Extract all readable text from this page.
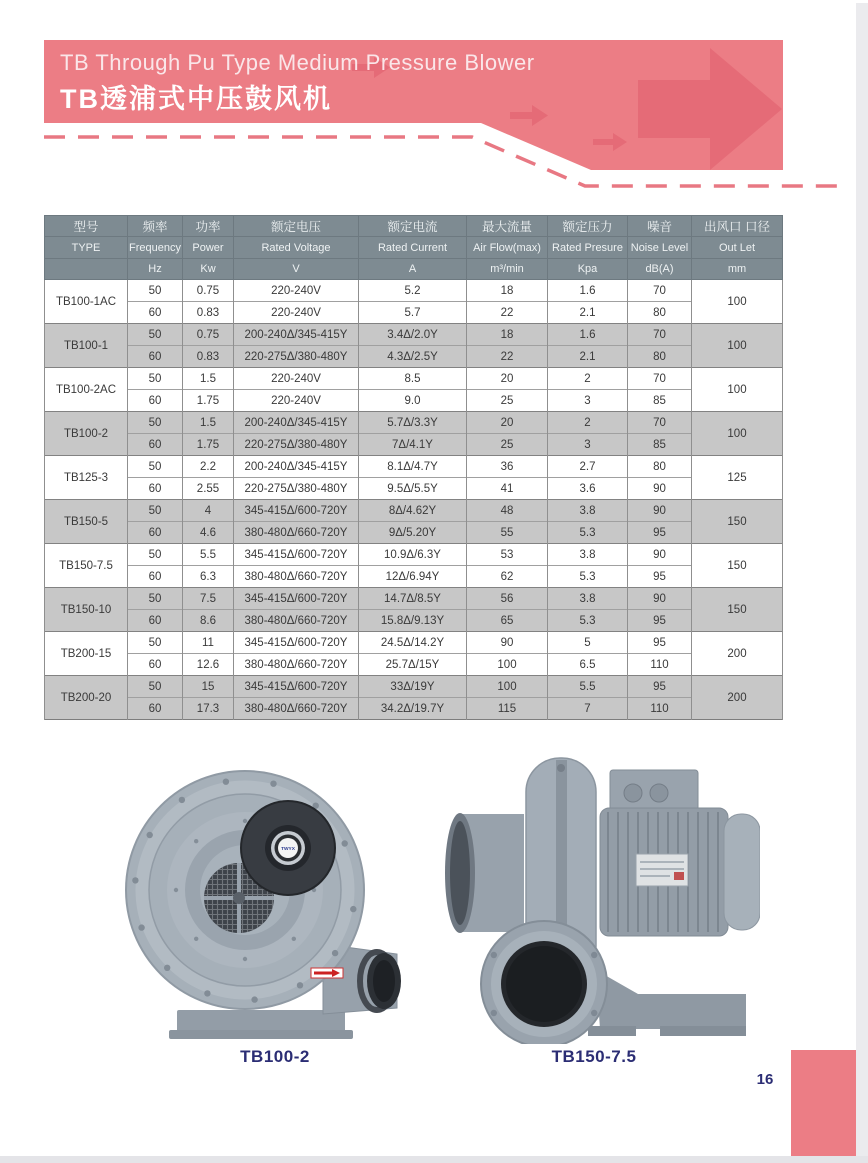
TB Through Pu Type Medium Pressure Blower
TB透浦式中压鼓风机
型号	频率	功率	额定电压	额定电流	最大流量	额定压力	噪音	出风口 口径
TYPE	Frequency	Power	Rated Voltage	Rated Current	Air Flow(max)	Rated Presure	Noise Level	Out Let
	Hz	Kw	V	A	m³/min	Kpa	dB(A)	mm
TB100-1AC	50	0.75	220-240V	5.2	18	1.6	70	100
	60	0.83	220-240V	5.7	22	2.1	80	
TB100-1	50	0.75	200-240Δ/345-415Y	3.4Δ/2.0Y	18	1.6	70	100
	60	0.83	220-275Δ/380-480Y	4.3Δ/2.5Y	22	2.1	80	
TB100-2AC	50	1.5	220-240V	8.5	20	2	70	100
	60	1.75	220-240V	9.0	25	3	85	
TB100-2	50	1.5	200-240Δ/345-415Y	5.7Δ/3.3Y	20	2	70	100
	60	1.75	220-275Δ/380-480Y	7Δ/4.1Y	25	3	85	
TB125-3	50	2.2	200-240Δ/345-415Y	8.1Δ/4.7Y	36	2.7	80	125
	60	2.55	220-275Δ/380-480Y	9.5Δ/5.5Y	41	3.6	90	
TB150-5	50	4	345-415Δ/600-720Y	8Δ/4.62Y	48	3.8	90	150
	60	4.6	380-480Δ/660-720Y	9Δ/5.20Y	55	5.3	95	
TB150-7.5	50	5.5	345-415Δ/600-720Y	10.9Δ/6.3Y	53	3.8	90	150
	60	6.3	380-480Δ/660-720Y	12Δ/6.94Y	62	5.3	95	
TB150-10	50	7.5	345-415Δ/600-720Y	14.7Δ/8.5Y	56	3.8	90	150
	60	8.6	380-480Δ/660-720Y	15.8Δ/9.13Y	65	5.3	95	
TB200-15	50	11	345-415Δ/600-720Y	24.5Δ/14.2Y	90	5	95	200
	60	12.6	380-480Δ/660-720Y	25.7Δ/15Y	100	6.5	110	
TB200-20	50	15	345-415Δ/600-720Y	33Δ/19Y	100	5.5	95	200
	60	17.3	380-480Δ/660-720Y	34.2Δ/19.7Y	115	7	110	
TWYX
TB100-2	TB150-7.5
16
